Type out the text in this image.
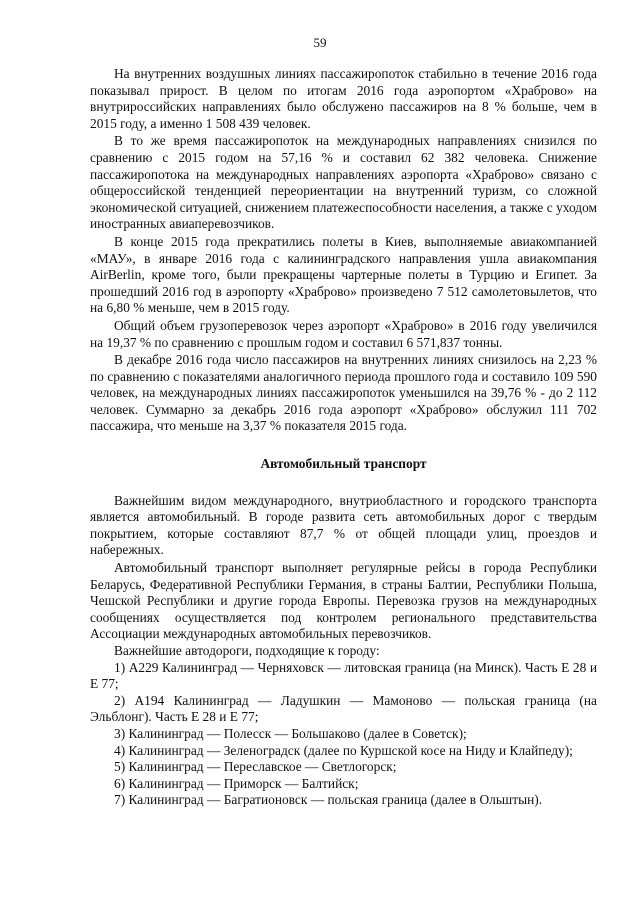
59

На внутренних воздушных линиях пассажиропоток стабильно в течение 2016 года показывал прирост. В целом по итогам 2016 года аэропортом «Храброво» на внутрироссийских направлениях было обслужено пассажиров на 8 % больше, чем в 2015 году, а именно 1 508 439 человек.

В то же время пассажиропоток на международных направлениях снизился по сравнению с 2015 годом на 57,16 % и составил 62 382 человека. Снижение пассажиропотока на международных направлениях аэропорта «Храброво» связано с общероссийской тенденцией переориентации на внутренний туризм, со сложной экономической ситуацией, снижением платежеспособности населения, а также с уходом иностранных авиаперевозчиков.

В конце 2015 года прекратились полеты в Киев, выполняемые авиакомпанией «МАУ», в январе 2016 года с калининградского направления ушла авиакомпания AirBerlin, кроме того, были прекращены чартерные полеты в Турцию и Египет. За прошедший 2016 год в аэропорту «Храброво» произведено 7 512 самолетовылетов, что на 6,80 % меньше, чем в 2015 году.

Общий объем грузоперевозок через аэропорт «Храброво» в 2016 году увеличился на 19,37 % по сравнению с прошлым годом и составил 6 571,837 тонны.

В декабре 2016 года число пассажиров на внутренних линиях снизилось на 2,23 % по сравнению с показателями аналогичного периода прошлого года и составило 109 590 человек, на международных линиях пассажиропоток уменьшился на 39,76 % - до 2 112 человек. Суммарно за декабрь 2016 года аэропорт «Храброво» обслужил 111 702 пассажира, что меньше на 3,37 % показателя 2015 года.

Автомобильный транспорт

Важнейшим видом международного, внутриобластного и городского транспорта является автомобильный. В городе развита сеть автомобильных дорог с твердым покрытием, которые составляют 87,7 % от общей площади улиц, проездов и набережных.

Автомобильный транспорт выполняет регулярные рейсы в города Республики Беларусь, Федеративной Республики Германия, в страны Балтии, Республики Польша, Чешской Республики и другие города Европы. Перевозка грузов на международных сообщениях осуществляется под контролем регионального представительства Ассоциации международных автомобильных перевозчиков.

Важнейшие автодороги, подходящие к городу:

1) А229 Калининград — Черняховск — литовская граница (на Минск). Часть E 28 и E 77;

2) А194 Калининград — Ладушкин — Мамоново — польская граница (на Эльблонг). Часть E 28 и E 77;

3) Калининград — Полесск — Большаково (далее в Советск);

4) Калининград — Зеленоградск (далее по Куршской косе на Ниду и Клайпеду);

5) Калининград — Переславское — Светлогорск;

6) Калининград — Приморск — Балтийск;

7) Калининград — Багратионовск — польская граница (далее в Ольштын).
